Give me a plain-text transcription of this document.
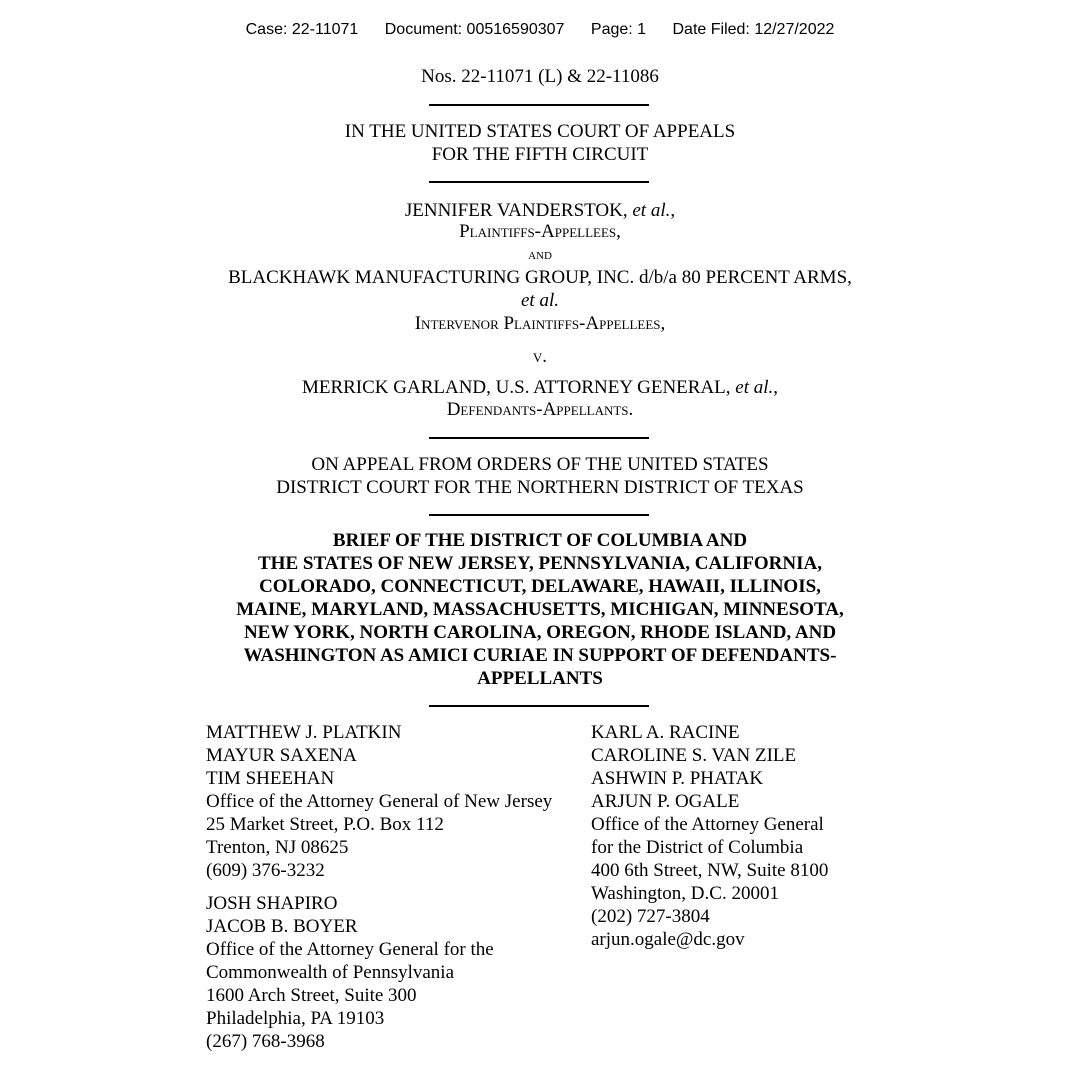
Case: 22-11071 Document: 00516590307 Page: 1 Date Filed: 12/27/2022
Nos. 22-11071 (L) & 22-11086
IN THE UNITED STATES COURT OF APPEALS
FOR THE FIFTH CIRCUIT
JENNIFER VANDERSTOK, et al.,
Plaintiffs-Appellees,
and
BLACKHAWK MANUFACTURING GROUP, INC. d/b/a 80 PERCENT ARMS,
et al.
Intervenor Plaintiffs-Appellees,
v.
MERRICK GARLAND, U.S. ATTORNEY GENERAL, et al.,
Defendants-Appellants.
ON APPEAL FROM ORDERS OF THE UNITED STATES
DISTRICT COURT FOR THE NORTHERN DISTRICT OF TEXAS
BRIEF OF THE DISTRICT OF COLUMBIA AND
THE STATES OF NEW JERSEY, PENNSYLVANIA, CALIFORNIA,
COLORADO, CONNECTICUT, DELAWARE, HAWAII, ILLINOIS,
MAINE, MARYLAND, MASSACHUSETTS, MICHIGAN, MINNESOTA,
NEW YORK, NORTH CAROLINA, OREGON, RHODE ISLAND, AND
WASHINGTON AS AMICI CURIAE IN SUPPORT OF DEFENDANTS-
APPELLANTS
MATTHEW J. PLATKIN
MAYUR SAXENA
TIM SHEEHAN
Office of the Attorney General of New Jersey
25 Market Street, P.O. Box 112
Trenton, NJ 08625
(609) 376-3232
JOSH SHAPIRO
JACOB B. BOYER
Office of the Attorney General for the
Commonwealth of Pennsylvania
1600 Arch Street, Suite 300
Philadelphia, PA 19103
(267) 768-3968
KARL A. RACINE
CAROLINE S. VAN ZILE
ASHWIN P. PHATAK
ARJUN P. OGALE
Office of the Attorney General
for the District of Columbia
400 6th Street, NW, Suite 8100
Washington, D.C. 20001
(202) 727-3804
arjun.ogale@dc.gov
